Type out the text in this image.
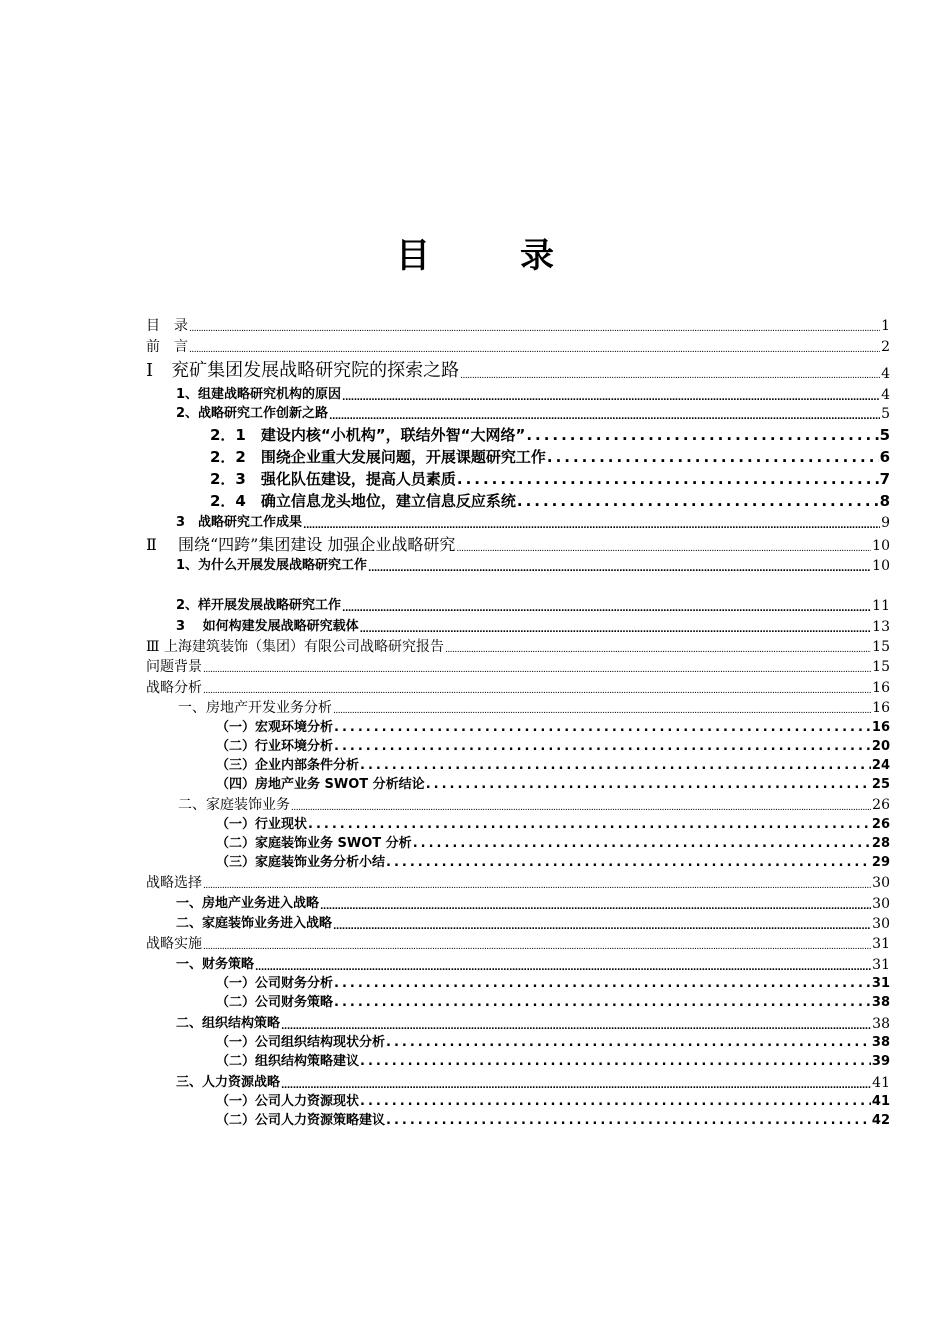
目　录
目　录 .....	1
前　言 .....	2
Ⅰ　兖矿集团发展战略研究院的探索之路 .....	4
1、组建战略研究机构的原因 .....	4
2、战略研究工作创新之路 .....	5
2．1　建设内核“小机构”，联结外智“大网络” .....	5
2．2　围绕企业重大发展问题，开展课题研究工作 .....	6
2．3　强化队伍建设，提高人员素质 .....	7
2．4　确立信息龙头地位，建立信息反应系统 .....	8
3　战略研究工作成果 .....	9
Ⅱ　 围绕“四跨”集团建设 加强企业战略研究 .....	10
1、为什么开展发展战略研究工作 .....	10
2、样开展发展战略研究工作 .....	11
3　 如何构建发展战略研究载体 .....	13
Ⅲ 上海建筑装饰（集团）有限公司战略研究报告 .....	15
问题背景 .....	15
战略分析 .....	16
一、房地产开发业务分析 .....	16
（一）宏观环境分析 .....	16
（二）行业环境分析 .....	20
（三）企业内部条件分析 .....	24
（四）房地产业务 SWOT 分析结论 .....	25
二、家庭装饰业务 .....	26
（一）行业现状 .....	26
（二）家庭装饰业务 SWOT 分析 .....	28
（三）家庭装饰业务分析小结 .....	29
战略选择 .....	30
一、房地产业务进入战略 .....	30
二、家庭装饰业务进入战略 .....	30
战略实施 .....	31
一、财务策略 .....	31
（一）公司财务分析 .....	31
（二）公司财务策略 .....	38
二、组织结构策略 .....	38
（一）公司组织结构现状分析 .....	38
（二）组织结构策略建议 .....	39
三、人力资源战略 .....	41
（一）公司人力资源现状 .....	41
（二）公司人力资源策略建议 .....	42
